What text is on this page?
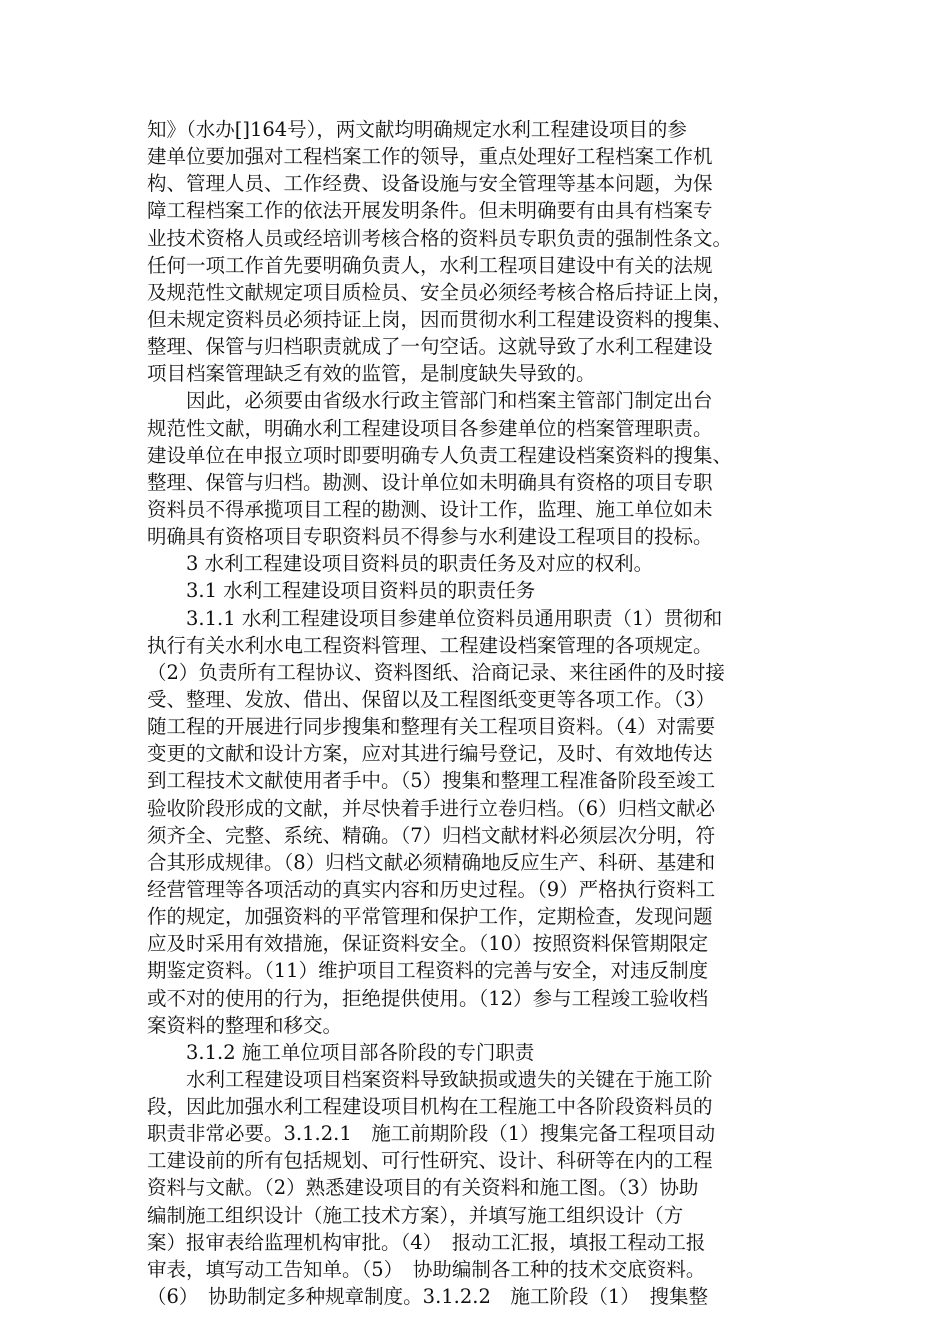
知》（水办[]164号），两文献均明确规定水利工程建设项目的参
建单位要加强对工程档案工作的领导，重点处理好工程档案工作机
构、管理人员、工作经费、设备设施与安全管理等基本问题，为保
障工程档案工作的依法开展发明条件。但未明确要有由具有档案专
业技术资格人员或经培训考核合格的资料员专职负责的强制性条文。
任何一项工作首先要明确负责人，水利工程项目建设中有关的法规
及规范性文献规定项目质检员、安全员必须经考核合格后持证上岗，
但未规定资料员必须持证上岗，因而贯彻水利工程建设资料的搜集、
整理、保管与归档职责就成了一句空话。这就导致了水利工程建设
项目档案管理缺乏有效的监管，是制度缺失导致的。
　　因此，必须要由省级水行政主管部门和档案主管部门制定出台
规范性文献，明确水利工程建设项目各参建单位的档案管理职责。
建设单位在申报立项时即要明确专人负责工程建设档案资料的搜集、
整理、保管与归档。勘测、设计单位如未明确具有资格的项目专职
资料员不得承揽项目工程的勘测、设计工作，监理、施工单位如未
明确具有资格项目专职资料员不得参与水利建设工程项目的投标。
　　3 水利工程建设项目资料员的职责任务及对应的权利。
　　3.1 水利工程建设项目资料员的职责任务
　　3.1.1 水利工程建设项目参建单位资料员通用职责（1）贯彻和
执行有关水利水电工程资料管理、工程建设档案管理的各项规定。
（2）负责所有工程协议、资料图纸、洽商记录、来往函件的及时接
受、整理、发放、借出、保留以及工程图纸变更等各项工作。（3）
随工程的开展进行同步搜集和整理有关工程项目资料。（4）对需要
变更的文献和设计方案，应对其进行编号登记，及时、有效地传达
到工程技术文献使用者手中。（5）搜集和整理工程准备阶段至竣工
验收阶段形成的文献，并尽快着手进行立卷归档。（6）归档文献必
须齐全、完整、系统、精确。（7）归档文献材料必须层次分明，符
合其形成规律。（8）归档文献必须精确地反应生产、科研、基建和
经营管理等各项活动的真实内容和历史过程。（9）严格执行资料工
作的规定，加强资料的平常管理和保护工作，定期检查，发现问题
应及时采用有效措施，保证资料安全。（10）按照资料保管期限定
期鉴定资料。（11）维护项目工程资料的完善与安全，对违反制度
或不对的使用的行为，拒绝提供使用。（12）参与工程竣工验收档
案资料的整理和移交。
　　3.1.2 施工单位项目部各阶段的专门职责
　　水利工程建设项目档案资料导致缺损或遗失的关键在于施工阶
段，因此加强水利工程建设项目机构在工程施工中各阶段资料员的
职责非常必要。3.1.2.1　施工前期阶段（1）搜集完备工程项目动
工建设前的所有包括规划、可行性研究、设计、科研等在内的工程
资料与文献。（2）熟悉建设项目的有关资料和施工图。（3）协助
编制施工组织设计（施工技术方案），并填写施工组织设计（方
案）报审表给监理机构审批。（4）　报动工汇报，填报工程动工报
审表，填写动工告知单。（5）　协助编制各工种的技术交底资料。
（6）　协助制定多种规章制度。3.1.2.2　施工阶段（1）　搜集整
